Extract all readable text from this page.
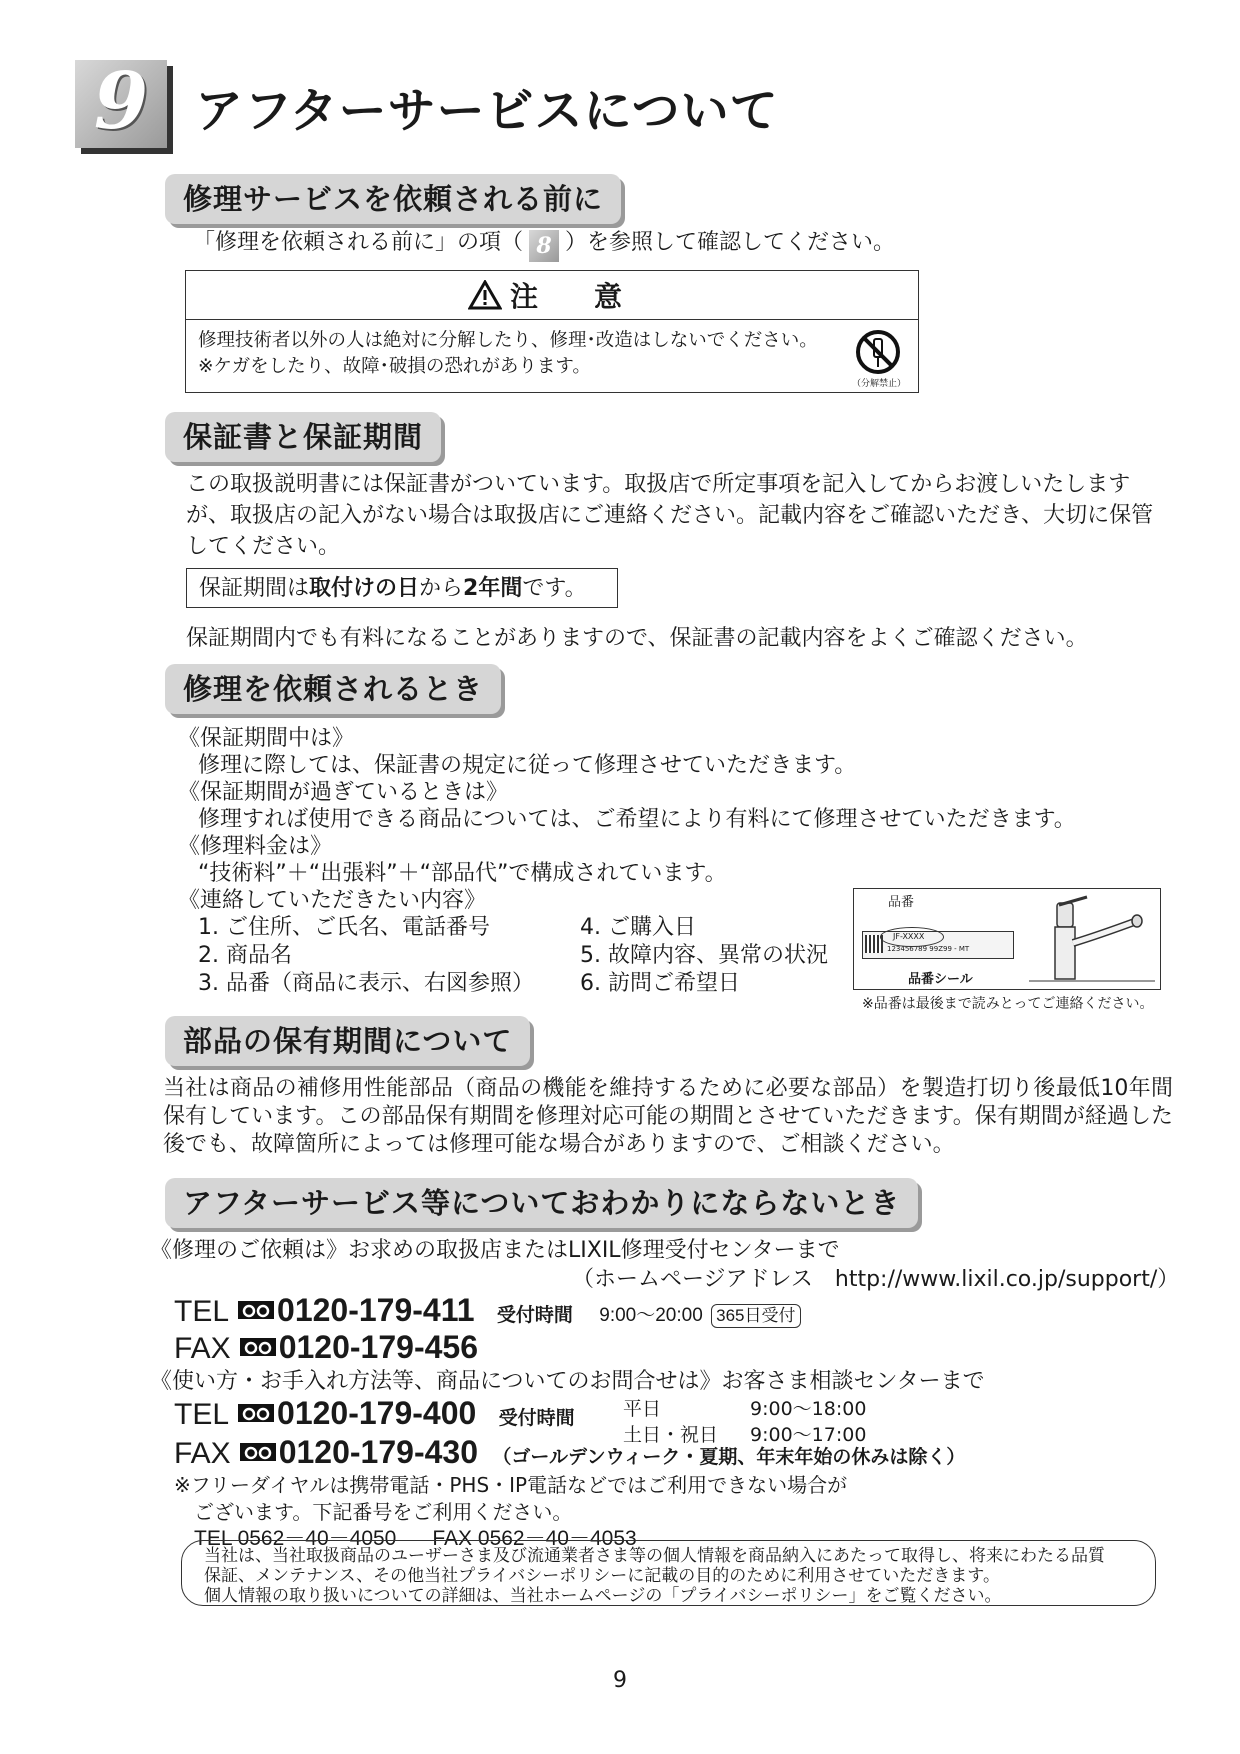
9 アフターサービスについて
修理サービスを依頼される前に
「修理を依頼される前に」の項（ 8 ）を参照して確認してください。
注　意
修理技術者以外の人は絶対に分解したり、修理･改造はしないでください。
※ケガをしたり、故障･破損の恐れがあります。
（分解禁止）
保証書と保証期間
この取扱説明書には保証書がついています。取扱店で所定事項を記入してからお渡しいたしますが、取扱店の記入がない場合は取扱店にご連絡ください。記載内容をご確認いただき、大切に保管してください。
保証期間は取付けの日から2年間です。
保証期間内でも有料になることがありますので、保証書の記載内容をよくご確認ください。
修理を依頼されるとき
《保証期間中は》
修理に際しては、保証書の規定に従って修理させていただきます。
《保証期間が過ぎているときは》
修理すれば使用できる商品については、ご希望により有料にて修理させていただきます。
《修理料金は》
“技術料”＋“出張料”＋“部品代”で構成されています。
《連絡していただきたい内容》
1. ご住所、ご氏名、電話番号
2. 商品名
3. 品番（商品に表示、右図参照）
4. ご購入日
5. 故障内容、異常の状況
6. 訪問ご希望日
品番
JF-XXXX
123456789 99Z99 - MT
品番シール
※品番は最後まで読みとってご連絡ください。
部品の保有期間について
当社は商品の補修用性能部品（商品の機能を維持するために必要な部品）を製造打切り後最低10年間保有しています。この部品保有期間を修理対応可能の期間とさせていただきます。保有期間が経過した後でも、故障箇所によっては修理可能な場合がありますので、ご相談ください。
アフターサービス等についておわかりにならないとき
《修理のご依頼は》お求めの取扱店またはLIXIL修理受付センターまで
（ホームページアドレス　http://www.lixil.co.jp/support/）
TEL 0120-179-411 受付時間 9:00～20:00 365日受付
FAX 0120-179-456
《使い方・お手入れ方法等、商品についてのお問合せは》お客さま相談センターまで
TEL 0120-179-400 受付時間	平日	9:00～18:00
土日・祝日 9:00～17:00
FAX 0120-179-430 （ゴールデンウィーク・夏期、年末年始の休みは除く）
※フリーダイヤルは携帯電話・PHS・IP電話などではご利用できない場合が
ございます。下記番号をご利用ください。
TEL 0562－40－4050 FAX 0562－40－4053
当社は、当社取扱商品のユーザーさま及び流通業者さま等の個人情報を商品納入にあたって取得し、将来にわたる品質
保証、メンテナンス、その他当社プライバシーポリシーに記載の目的のために利用させていただきます。
個人情報の取り扱いについての詳細は、当社ホームページの「プライバシーポリシー」をご覧ください。
9
